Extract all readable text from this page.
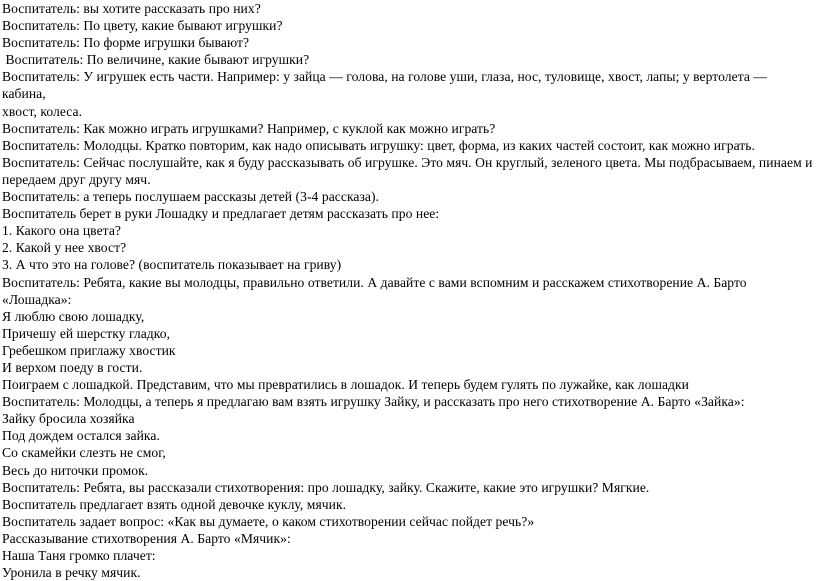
Воспитатель: вы хотите рассказать про них?
Воспитатель: По цвету, какие бывают игрушки?
Воспитатель: По форме игрушки бывают?
Воспитатель: По величине, какие бывают игрушки?
Воспитатель: У игрушек есть части. Например: у зайца — голова, на голове уши, глаза, нос, туловище, хвост, лапы; у вертолета — кабина,
хвост, колеса.
Воспитатель: Как можно играть игрушками? Например, с куклой как можно играть?
Воспитатель: Молодцы. Кратко повторим, как надо описывать игрушку: цвет, форма, из каких частей состоит, как можно играть.
Воспитатель: Сейчас послушайте, как я буду рассказывать об игрушке. Это мяч. Он круглый, зеленого цвета. Мы подбрасываем, пинаем и
передаем друг другу мяч.
Воспитатель: а теперь послушаем рассказы детей (3-4 рассказа).
Воспитатель берет в руки Лошадку и предлагает детям рассказать про нее:
1. Какого она цвета?
2. Какой у нее хвост?
3. А что это на голове? (воспитатель показывает на гриву)
Воспитатель: Ребята, какие вы молодцы, правильно ответили. А давайте с вами вспомним и расскажем стихотворение А. Барто «Лошадка»:
Я люблю свою лошадку,
Причешу ей шерстку гладко,
Гребешком приглажу хвостик
И верхом поеду в гости.
Поиграем с лошадкой. Представим, что мы превратились в лошадок. И теперь будем гулять по лужайке, как лошадки
Воспитатель: Молодцы, а теперь я предлагаю вам взять игрушку Зайку, и рассказать про него стихотворение А. Барто «Зайка»:
Зайку бросила хозяйка
Под дождем остался зайка.
Со скамейки слезть не смог,
Весь до ниточки промок.
Воспитатель: Ребята, вы рассказали стихотворения: про лошадку, зайку. Скажите, какие это игрушки? Мягкие.
Воспитатель предлагает взять одной девочке куклу, мячик.
Воспитатель задает вопрос: «Как вы думаете, о каком стихотворении сейчас пойдет речь?»
Рассказывание стихотворения А. Барто «Мячик»:
Наша Таня громко плачет:
Уронила в речку мячик.
